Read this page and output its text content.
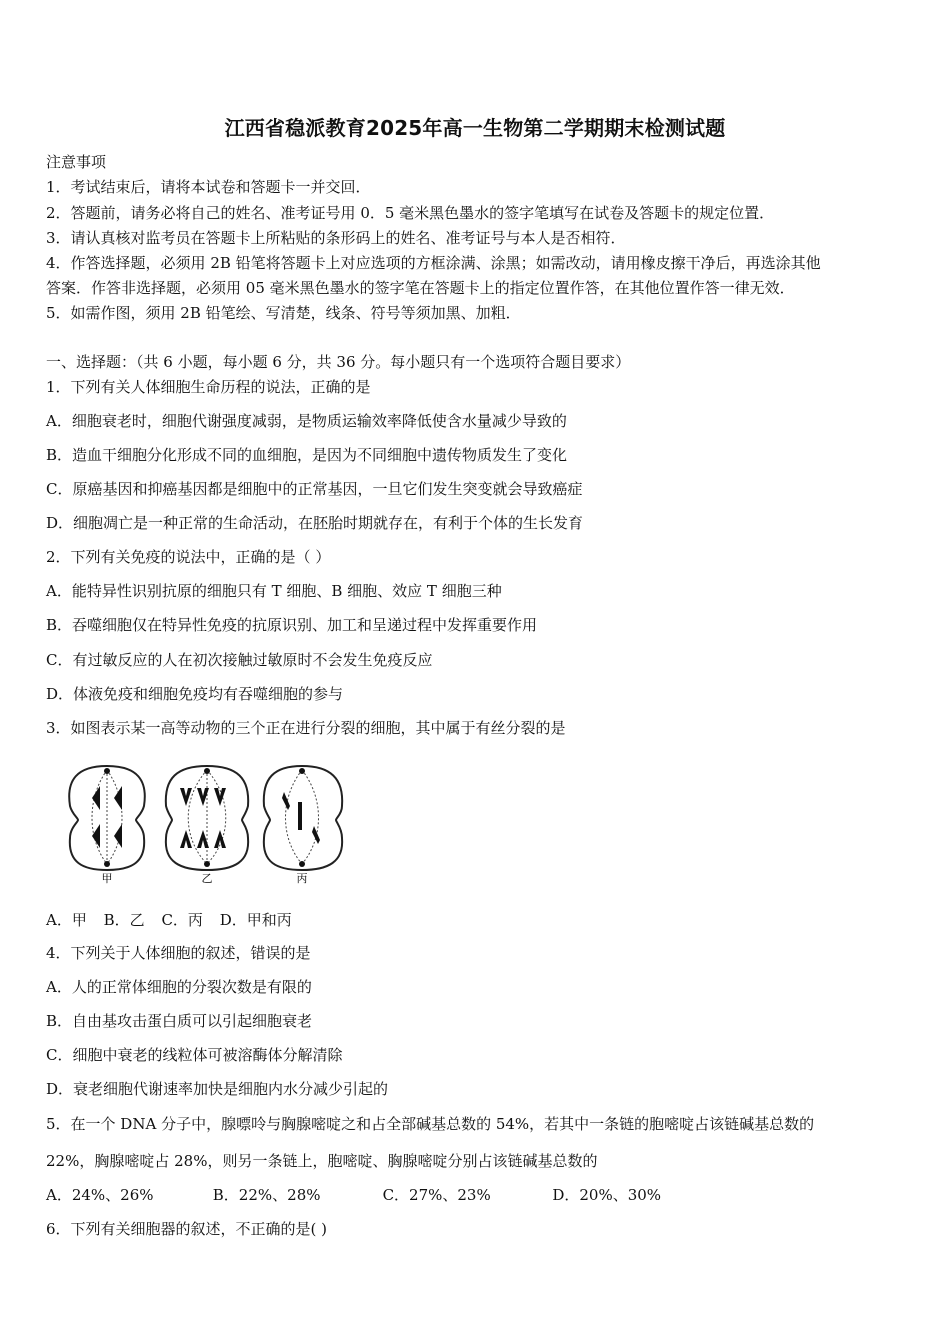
江西省稳派教育2025年高一生物第二学期期末检测试题
注意事项
1．考试结束后，请将本试卷和答题卡一并交回．
2．答题前，请务必将自己的姓名、准考证号用 0．5 毫米黑色墨水的签字笔填写在试卷及答题卡的规定位置．
3．请认真核对监考员在答题卡上所粘贴的条形码上的姓名、准考证号与本人是否相符．
4．作答选择题，必须用 2B 铅笔将答题卡上对应选项的方框涂满、涂黑；如需改动，请用橡皮擦干净后，再选涂其他
答案．作答非选择题，必须用 05 毫米黑色墨水的签字笔在答题卡上的指定位置作答，在其他位置作答一律无效．
5．如需作图，须用 2B 铅笔绘、写清楚，线条、符号等须加黑、加粗．
一、选择题：（共 6 小题，每小题 6 分，共 36 分。每小题只有一个选项符合题目要求）
1．下列有关人体细胞生命历程的说法，正确的是
A．细胞衰老时，细胞代谢强度减弱，是物质运输效率降低使含水量减少导致的
B．造血干细胞分化形成不同的血细胞，是因为不同细胞中遗传物质发生了变化
C．原癌基因和抑癌基因都是细胞中的正常基因，一旦它们发生突变就会导致癌症
D．细胞凋亡是一种正常的生命活动，在胚胎时期就存在，有利于个体的生长发育
2．下列有关免疫的说法中，正确的是（ ）
A．能特异性识别抗原的细胞只有 T 细胞、B 细胞、效应 T 细胞三种
B．吞噬细胞仅在特异性免疫的抗原识别、加工和呈递过程中发挥重要作用
C．有过敏反应的人在初次接触过敏原时不会发生免疫反应
D．体液免疫和细胞免疫均有吞噬细胞的参与
3．如图表示某一高等动物的三个正在进行分裂的细胞，其中属于有丝分裂的是
甲	乙	丙
A．甲 B．乙 C．丙 D．甲和丙
4．下列关于人体细胞的叙述，错误的是
A．人的正常体细胞的分裂次数是有限的
B．自由基攻击蛋白质可以引起细胞衰老
C．细胞中衰老的线粒体可被溶酶体分解清除
D．衰老细胞代谢速率加快是细胞内水分减少引起的
5．在一个 DNA 分子中，腺嘌呤与胸腺嘧啶之和占全部碱基总数的 54%，若其中一条链的胞嘧啶占该链碱基总数的
22%，胸腺嘧啶占 28%，则另一条链上，胞嘧啶、胸腺嘧啶分别占该链碱基总数的
A．24%、26%	B．22%、28%	C．27%、23%	D．20%、30%
6．下列有关细胞器的叙述，不正确的是( )
